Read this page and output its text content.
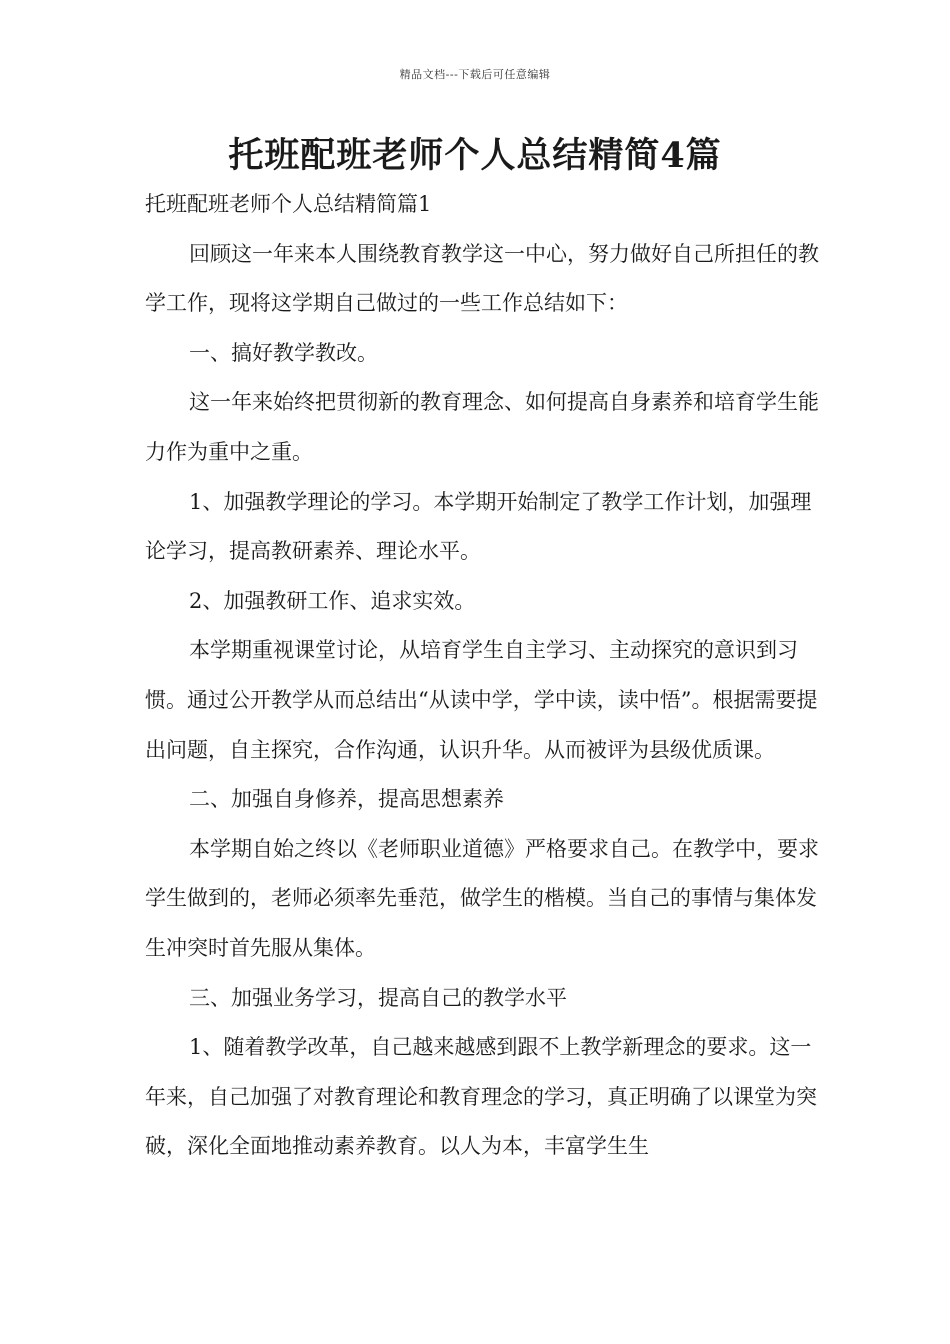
精品文档---下载后可任意编辑
托班配班老师个人总结精简4篇

托班配班老师个人总结精简篇1

回顾这一年来本人围绕教育教学这一中心，努力做好自己所担任的教学工作，现将这学期自己做过的一些工作总结如下：

一、搞好教学教改。

这一年来始终把贯彻新的教育理念、如何提高自身素养和培育学生能力作为重中之重。

1、加强教学理论的学习。本学期开始制定了教学工作计划，加强理论学习，提高教研素养、理论水平。

2、加强教研工作、追求实效。

本学期重视课堂讨论，从培育学生自主学习、主动探究的意识到习惯。通过公开教学从而总结出“从读中学，学中读，读中悟”。根据需要提出问题，自主探究，合作沟通，认识升华。从而被评为县级优质课。

二、加强自身修养，提高思想素养

本学期自始之终以《老师职业道德》严格要求自己。在教学中，要求学生做到的，老师必须率先垂范，做学生的楷模。当自己的事情与集体发生冲突时首先服从集体。

三、加强业务学习，提高自己的教学水平

1、随着教学改革，自己越来越感到跟不上教学新理念的要求。这一年来，自己加强了对教育理论和教育理念的学习，真正明确了以课堂为突破，深化全面地推动素养教育。以人为本，丰富学生生
